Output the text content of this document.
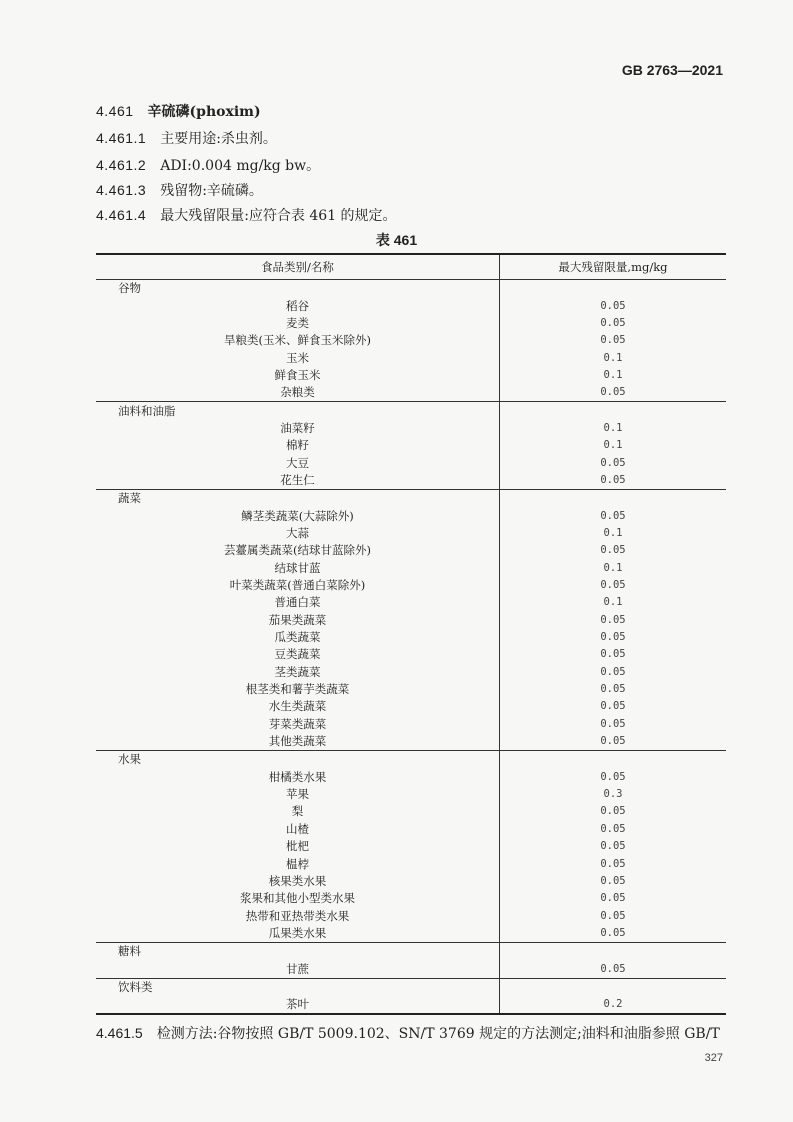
GB 2763—2021
4.461 辛硫磷(phoxim)
4.461.1 主要用途:杀虫剂。
4.461.2 ADI:0.004 mg/kg bw。
4.461.3 残留物:辛硫磷。
4.461.4 最大残留限量:应符合表 461 的规定。
表 461
食品类别/名称	最大残留限量,mg/kg
谷物	
稻谷	0.05
麦类	0.05
旱粮类(玉米、鲜食玉米除外)	0.05
玉米	0.1
鲜食玉米	0.1
杂粮类	0.05
油料和油脂	
油菜籽	0.1
棉籽	0.1
大豆	0.05
花生仁	0.05
蔬菜	
鳞茎类蔬菜(大蒜除外)	0.05
大蒜	0.1
芸薹属类蔬菜(结球甘蓝除外)	0.05
结球甘蓝	0.1
叶菜类蔬菜(普通白菜除外)	0.05
普通白菜	0.1
茄果类蔬菜	0.05
瓜类蔬菜	0.05
豆类蔬菜	0.05
茎类蔬菜	0.05
根茎类和薯芋类蔬菜	0.05
水生类蔬菜	0.05
芽菜类蔬菜	0.05
其他类蔬菜	0.05
水果	
柑橘类水果	0.05
苹果	0.3
梨	0.05
山楂	0.05
枇杷	0.05
榅桲	0.05
核果类水果	0.05
浆果和其他小型类水果	0.05
热带和亚热带类水果	0.05
瓜果类水果	0.05
糖料	
甘蔗	0.05
饮料类	
茶叶	0.2
4.461.5 检测方法:谷物按照 GB/T 5009.102、SN/T 3769 规定的方法测定;油料和油脂参照 GB/T
327
